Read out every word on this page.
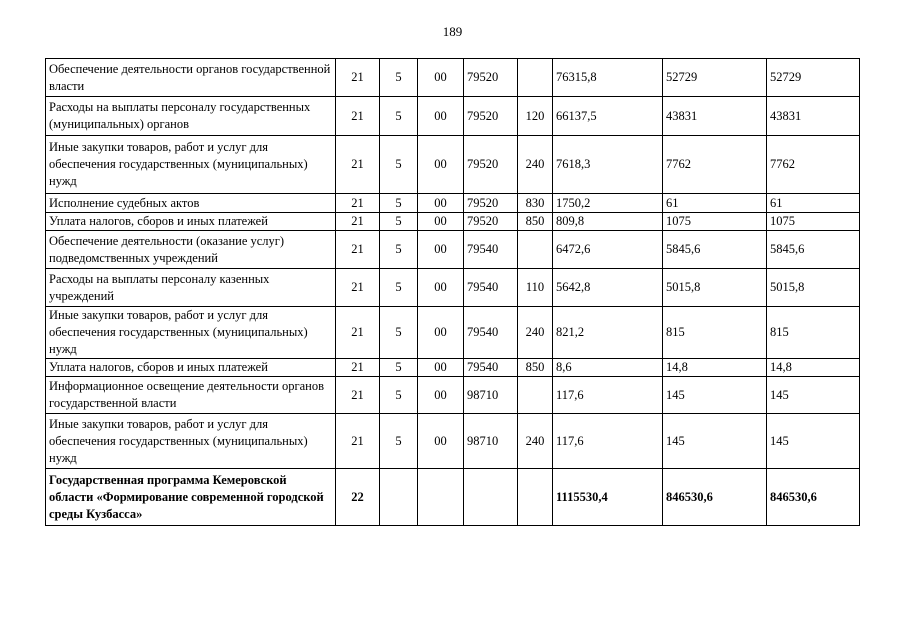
189
Обеспечение деятельности органов государственной власти	21	5	00	79520		76315,8	52729	52729
Расходы на выплаты персоналу государственных (муниципальных) органов	21	5	00	79520	120	66137,5	43831	43831
Иные закупки товаров, работ и услуг для обеспечения государственных (муниципальных) нужд	21	5	00	79520	240	7618,3	7762	7762
Исполнение судебных актов	21	5	00	79520	830	1750,2	61	61
Уплата налогов, сборов и иных платежей	21	5	00	79520	850	809,8	1075	1075
Обеспечение деятельности (оказание услуг) подведомственных учреждений	21	5	00	79540		6472,6	5845,6	5845,6
Расходы на выплаты персоналу казенных учреждений	21	5	00	79540	110	5642,8	5015,8	5015,8
Иные закупки товаров, работ и услуг для обеспечения государственных (муниципальных) нужд	21	5	00	79540	240	821,2	815	815
Уплата налогов, сборов и иных платежей	21	5	00	79540	850	8,6	14,8	14,8
Информационное освещение деятельности органов государственной власти	21	5	00	98710		117,6	145	145
Иные закупки товаров, работ и услуг для обеспечения государственных (муниципальных) нужд	21	5	00	98710	240	117,6	145	145
Государственная программа Кемеровской области «Формирование современной городской среды Кузбасса»	22					1115530,4	846530,6	846530,6
